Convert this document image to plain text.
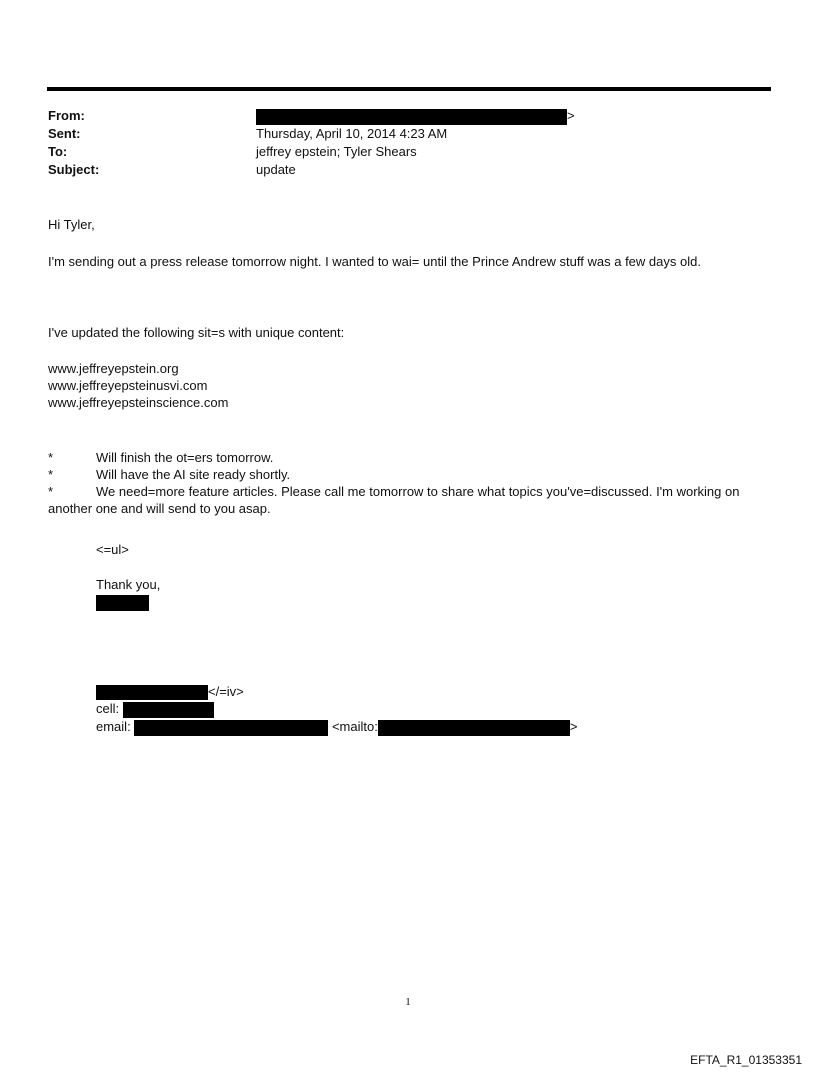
From:	>
Sent:	Thursday, April 10, 2014 4:23 AM
To:	jeffrey epstein; Tyler Shears
Subject:	update
Hi Tyler,
I'm sending out a press release tomorrow night. I wanted to wai= until the Prince Andrew stuff was a few days old.
I've updated the following sit=s with unique content:
www.jeffreyepstein.org
www.jeffreyepsteinusvi.com
www.jeffreyepsteinscience.com
*	Will finish the ot=ers tomorrow.
*	Will have the AI site ready shortly.
*	We need=more feature articles. Please call me tomorrow to share what topics you've=discussed. I'm working on
another one and will send to you asap.
<=ul>
Thank you,
</=iv>
cell:
email:	<mailto:	>
1
EFTA_R1_01353351
